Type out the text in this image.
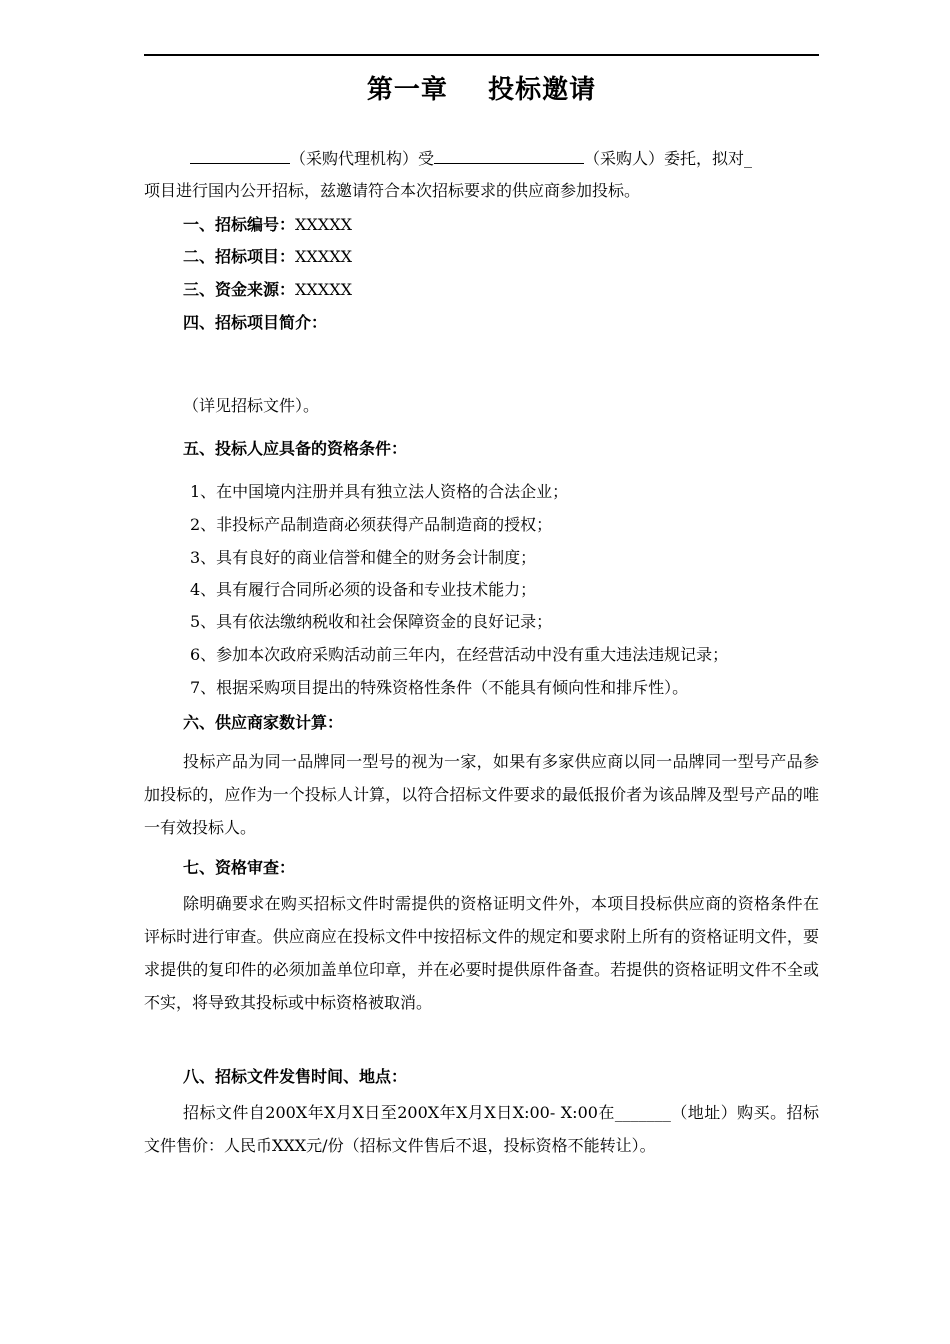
第一章    投标邀请
（采购代理机构）受	（采购人）委托，拟对_
项目进行国内公开招标，兹邀请符合本次招标要求的供应商参加投标。
一、招标编号：XXXXX
二、招标项目：XXXXX
三、资金来源：XXXXX
四、招标项目简介：
（详见招标文件）。
五、投标人应具备的资格条件：
1、在中国境内注册并具有独立法人资格的合法企业；
2、非投标产品制造商必须获得产品制造商的授权；
3、具有良好的商业信誉和健全的财务会计制度；
4、具有履行合同所必须的设备和专业技术能力；
5、具有依法缴纳税收和社会保障资金的良好记录；
6、参加本次政府采购活动前三年内，在经营活动中没有重大违法违规记录；
7、根据采购项目提出的特殊资格性条件（不能具有倾向性和排斥性）。
六、供应商家数计算：
投标产品为同一品牌同一型号的视为一家，如果有多家供应商以同一品牌同一型号产品参加投标的，应作为一个投标人计算，以符合招标文件要求的最低报价者为该品牌及型号产品的唯一有效投标人。
七、资格审查：
除明确要求在购买招标文件时需提供的资格证明文件外，本项目投标供应商的资格条件在评标时进行审查。供应商应在投标文件中按招标文件的规定和要求附上所有的资格证明文件，要求提供的复印件的必须加盖单位印章，并在必要时提供原件备查。若提供的资格证明文件不全或不实，将导致其投标或中标资格被取消。
八、招标文件发售时间、地点：
招标文件自200X年X月X日至200X年X月X日X:00- X:00在_______（地址）购买。招标文件售价：人民币XXX元/份（招标文件售后不退，投标资格不能转让）。
